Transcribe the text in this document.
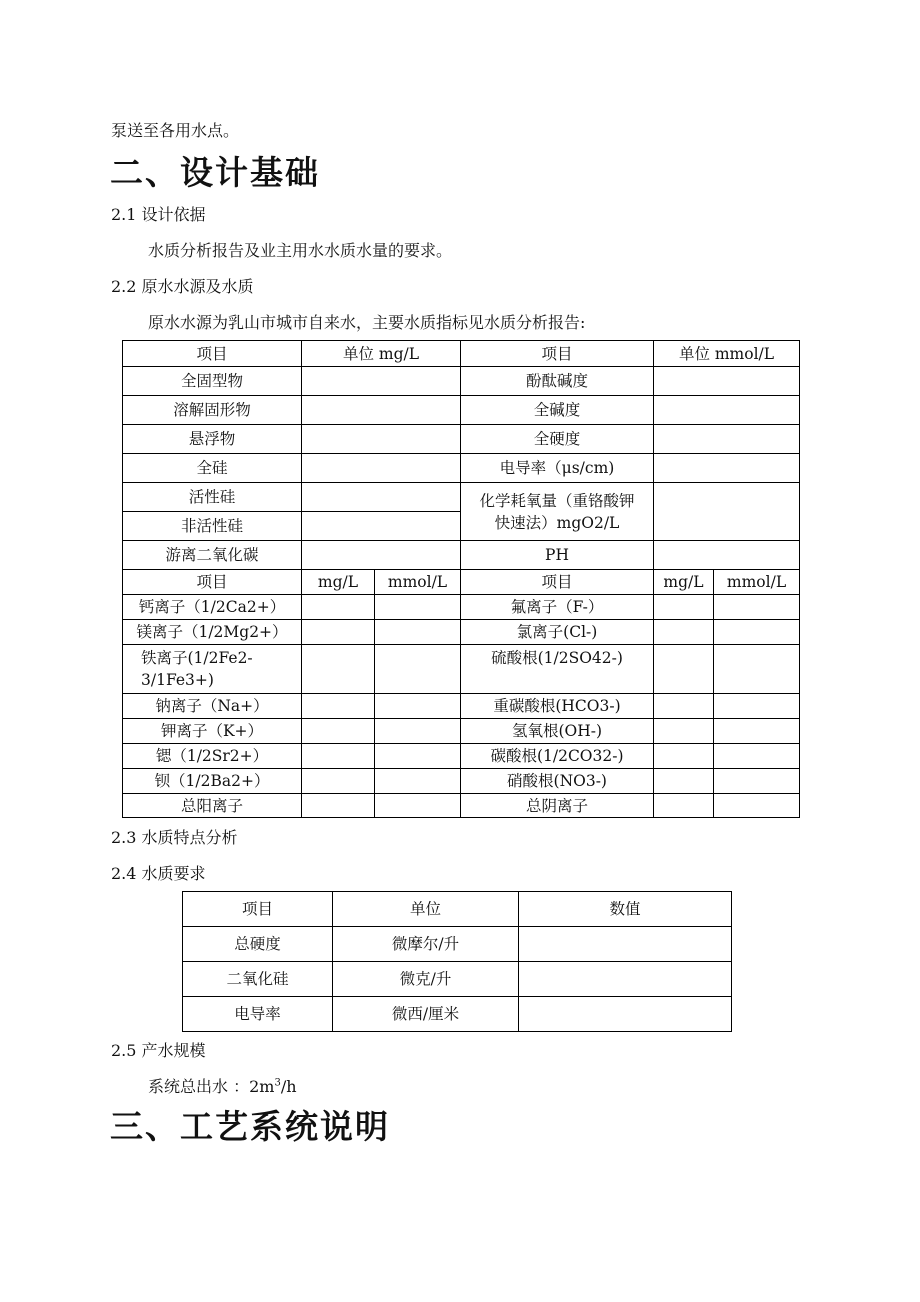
泵送至各用水点。
二、设计基础
2.1 设计依据
水质分析报告及业主用水水质水量的要求。
2.2 原水水源及水质
原水水源为乳山市城市自来水，主要水质指标见水质分析报告:
项目	单位 mg/L		项目	单位 mmol/L	
全固型物			酚酞碱度		
溶解固形物			全碱度		
悬浮物			全硬度		
全硅			电导率（μs/cm)		
活性硅			化学耗氧量（重铬酸钾快速法）mgO2/L		
非活性硅					
游离二氧化碳			PH		
项目	mg/L	mmol/L	项目	mg/L	mmol/L
钙离子（1/2Ca2+）			氟离子（F-）		
镁离子（1/2Mg2+）			氯离子(Cl-)		
铁离子(1/2Fe2-3/1Fe3+)			硫酸根(1/2SO42-)		

钠离子（Na+）			重碳酸根(HCO3-)		
钾离子（K+）			氢氧根(OH-)		
锶（1/2Sr2+）			碳酸根(1/2CO32-)		
钡（1/2Ba2+）			硝酸根(NO3-)		
总阳离子			总阴离子		
2.3 水质特点分析
2.4 水质要求
项目	单位	数值
总硬度	微摩尔/升	
二氧化硅	微克/升	
电导率	微西/厘米	
2.5 产水规模
系统总出水 ：$2m^3/h$
三、工艺系统说明
